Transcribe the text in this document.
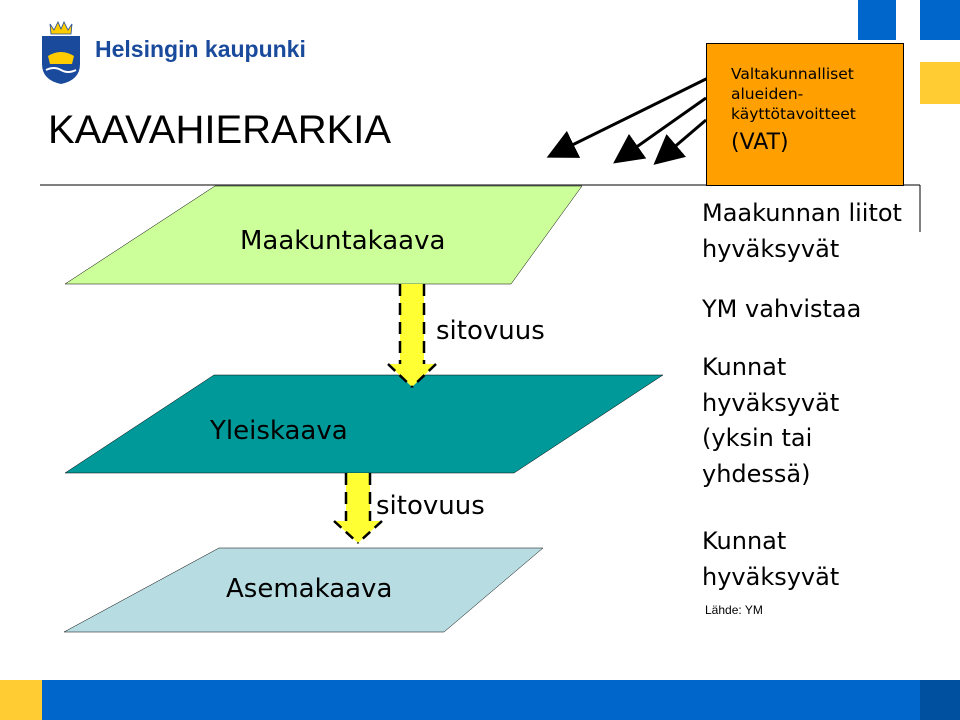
Helsingin kaupunki
KAAVAHIERARKIA
Maakuntakaava
Yleiskaava
Asemakaava
sitovuus
sitovuus
Valtakunnalliset
alueiden-
käyttötavoitteet
(VAT)
Maakunnan liitot
hyväksyvät
YM vahvistaa
Kunnat
hyväksyvät
(yksin tai
yhdessä)
Kunnat
hyväksyvät
Lähde: YM
